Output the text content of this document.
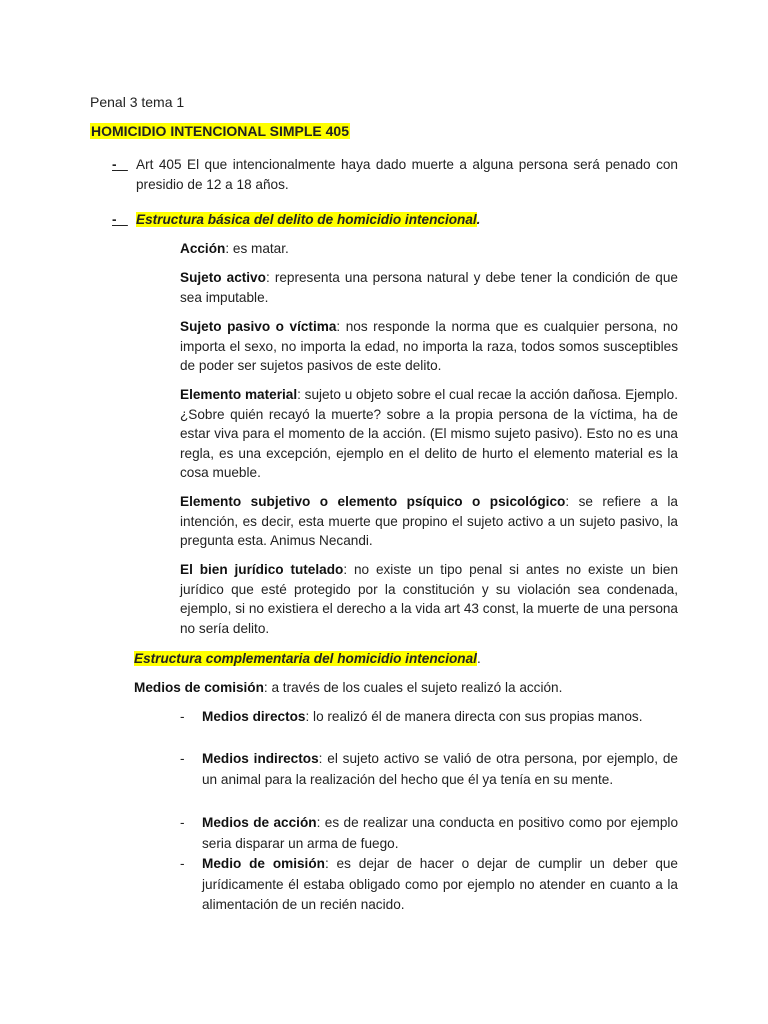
Penal 3 tema 1
HOMICIDIO INTENCIONAL SIMPLE 405
-	Art 405 El que intencionalmente haya dado muerte a alguna persona será penado con presidio de 12 a 18 años.

-	Estructura básica del delito de homicidio intencional.

Acción: es matar.

Sujeto activo: representa una persona natural y debe tener la condición de que sea imputable.

Sujeto pasivo o víctima: nos responde la norma que es cualquier persona, no importa el sexo, no importa la edad, no importa la raza, todos somos susceptibles de poder ser sujetos pasivos de este delito.

Elemento material: sujeto u objeto sobre el cual recae la acción dañosa. Ejemplo. ¿Sobre quién recayó la muerte? sobre a la propia persona de la víctima, ha de estar viva para el momento de la acción. (El mismo sujeto pasivo). Esto no es una regla, es una excepción, ejemplo en el delito de hurto el elemento material es la cosa mueble.

Elemento subjetivo o elemento psíquico o psicológico: se refiere a la intención, es decir, esta muerte que propino el sujeto activo a un sujeto pasivo, la pregunta esta. Animus Necandi.

El bien jurídico tutelado: no existe un tipo penal si antes no existe un bien jurídico que esté protegido por la constitución y su violación sea condenada, ejemplo, si no existiera el derecho a la vida art 43 const, la muerte de una persona no sería delito.

Estructura complementaria del homicidio intencional.

Medios de comisión: a través de los cuales el sujeto realizó la acción.

- Medios directos: lo realizó él de manera directa con sus propias manos.

- Medios indirectos: el sujeto activo se valió de otra persona, por ejemplo, de un animal para la realización del hecho que él ya tenía en su mente.

- Medios de acción: es de realizar una conducta en positivo como por ejemplo seria disparar un arma de fuego.

- Medio de omisión: es dejar de hacer o dejar de cumplir un deber que jurídicamente él estaba obligado como por ejemplo no atender en cuanto a la alimentación de un recién nacido.
